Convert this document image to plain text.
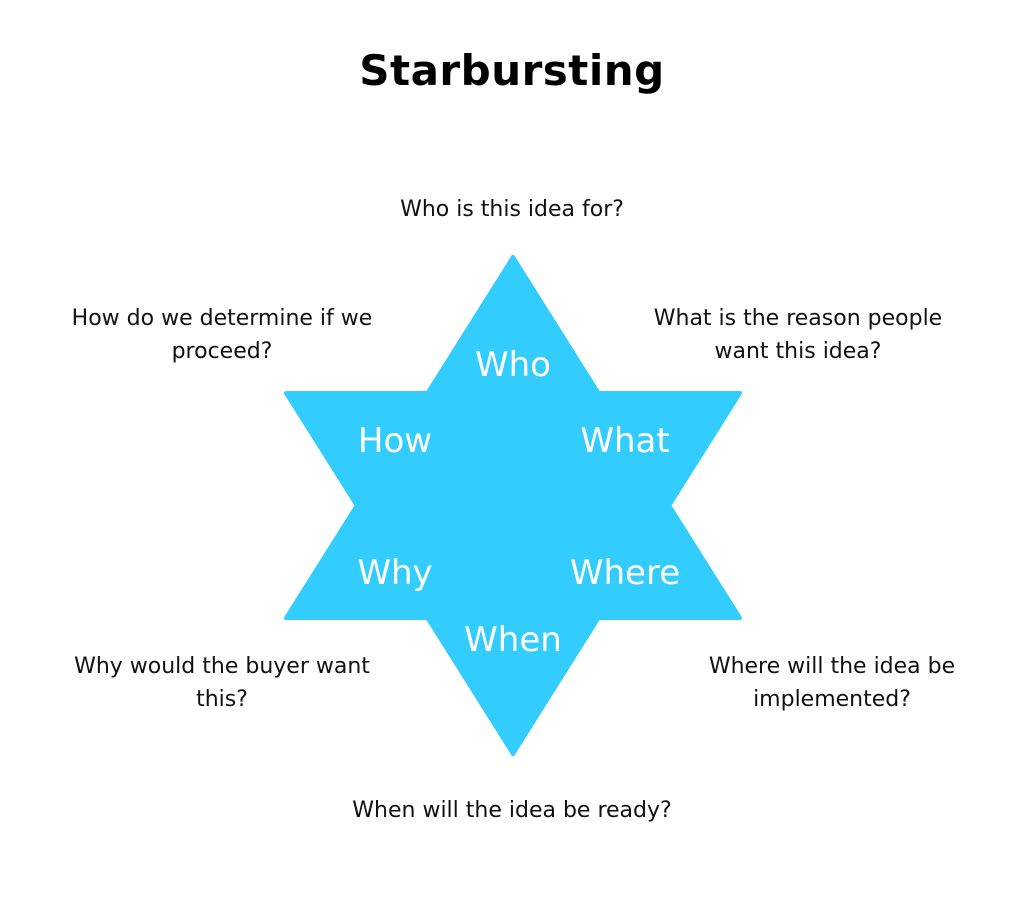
Starbursting
Who
How	What
Why	Where
When
Who is this idea for?
How do we determine if we proceed?
What is the reason people want this idea?
Why would the buyer want this?
Where will the idea be implemented?
When will the idea be ready?
